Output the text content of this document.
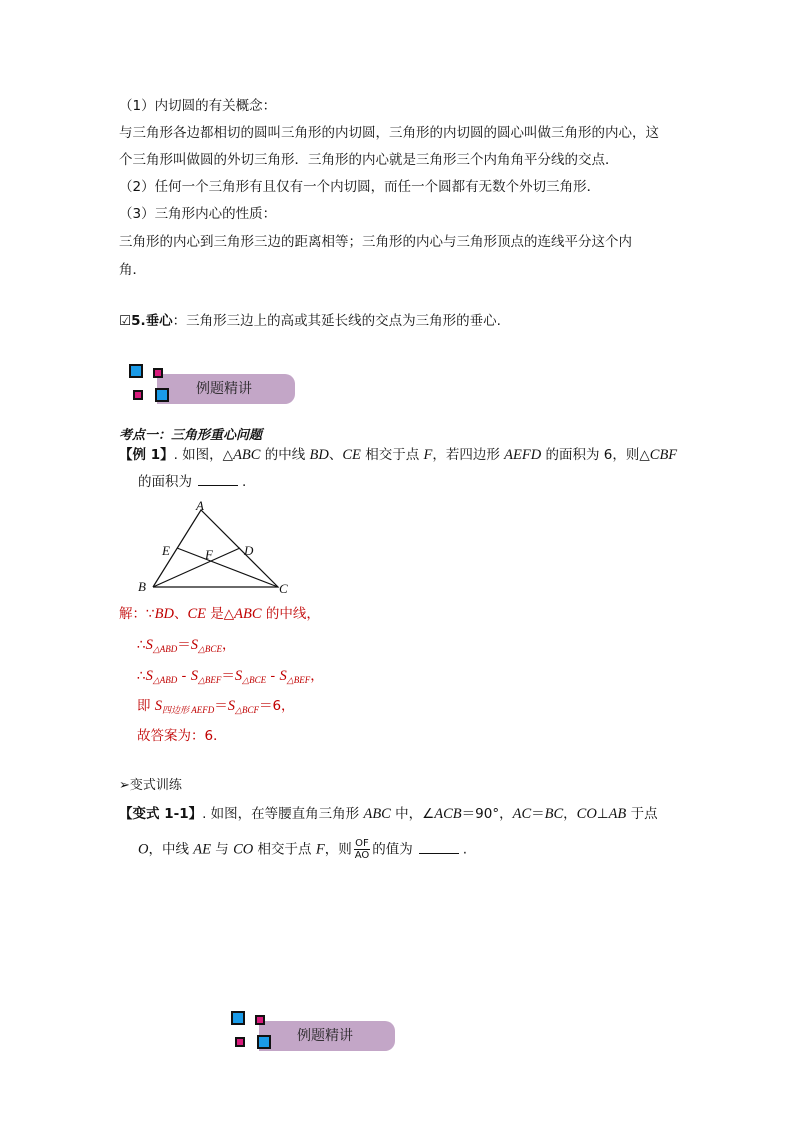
（1）内切圆的有关概念：
与三角形各边都相切的圆叫三角形的内切圆，三角形的内切圆的圆心叫做三角形的内心，这
个三角形叫做圆的外切三角形．三角形的内心就是三角形三个内角角平分线的交点．
（2）任何一个三角形有且仅有一个内切圆，而任一个圆都有无数个外切三角形．
（3）三角形内心的性质：
三角形的内心到三角形三边的距离相等；三角形的内心与三角形顶点的连线平分这个内
角．
☑5.垂心：三角形三边上的高或其延长线的交点为三角形的垂心.
例题精讲
考点一：三角形重心问题
【例 1】. 如图，△ABC 的中线 BD、CE 相交于点 F，若四边形 AEFD 的面积为 6，则△CBF
的面积为	.
A
B	C
D
E	F
解：∵BD、CE 是△ABC 的中线，
$\therefore S_{\triangle ABD}=S_{\triangle BCE}$，
$\therefore S_{\triangle ABD} - S_{\triangle BEF}=S_{\triangle BCE} - S_{\triangle BEF}$，
即 $S_{四边形 AEFD}=S_{\triangle BCF}=6$，
故答案为：6．
➢变式训练
【变式 1-1】. 如图，在等腰直角三角形 ABC 中，∠ACB＝90°，AC＝BC，CO⊥AB 于点
O，中线 AE 与 CO 相交于点 F，则 $\frac{OF}{AO}$ 的值为	.
例题精讲
